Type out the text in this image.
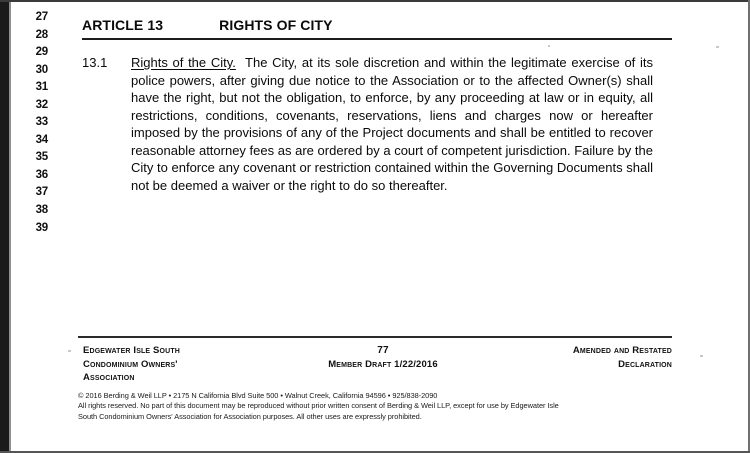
27
28
29
30
31
32
33
34
35
36
37
38
39
ARTICLE 13	RIGHTS OF CITY
13.1 Rights of the City. The City, at its sole discretion and within the legitimate exercise of its police powers, after giving due notice to the Association or to the affected Owner(s) shall have the right, but not the obligation, to enforce, by any proceeding at law or in equity, all restrictions, conditions, covenants, reservations, liens and charges now or hereafter imposed by the provisions of any of the Project documents and shall be entitled to recover reasonable attorney fees as are ordered by a court of competent jurisdiction. Failure by the City to enforce any covenant or restriction contained within the Governing Documents shall not be deemed a waiver or the right to do so thereafter.
Edgewater Isle South
Condominium Owners'
Association
77
Member Draft 1/22/2016
Amended and Restated
Declaration
© 2016 Berding & Weil LLP • 2175 N California Blvd Suite 500 • Walnut Creek, California 94596 • 925/838-2090
All rights reserved. No part of this document may be reproduced without prior written consent of Berding & Weil LLP, except for use by Edgewater Isle
South Condominium Owners' Association for Association purposes. All other uses are expressly prohibited.
